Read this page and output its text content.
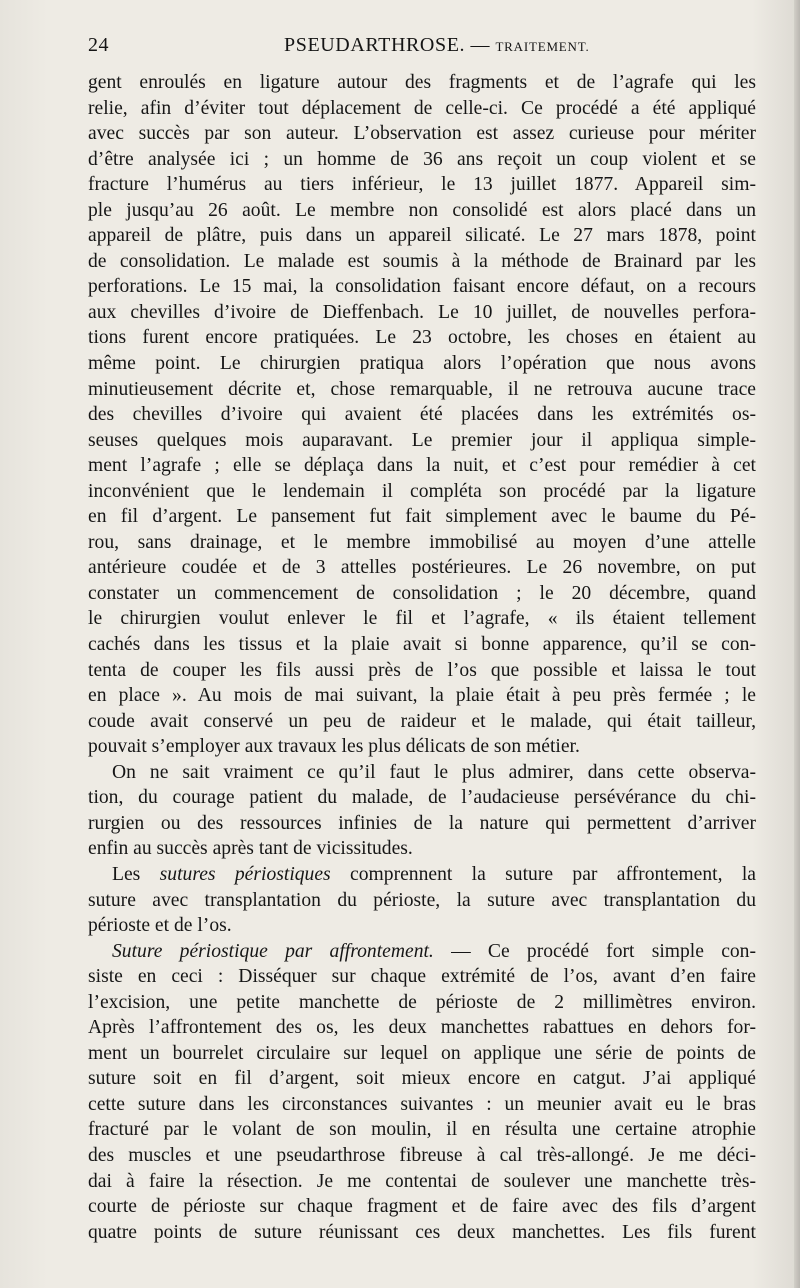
24	PSEUDARTHROSE. — TRAITEMENT.
gent enroulés en ligature autour des fragments et de l’agrafe qui les
relie, afin d’éviter tout déplacement de celle-ci. Ce procédé a été appliqué
avec succès par son auteur. L’observation est assez curieuse pour mériter
d’être analysée ici ; un homme de 36 ans reçoit un coup violent et se
fracture l’humérus au tiers inférieur, le 13 juillet 1877. Appareil sim-
ple jusqu’au 26 août. Le membre non consolidé est alors placé dans un
appareil de plâtre, puis dans un appareil silicaté. Le 27 mars 1878, point
de consolidation. Le malade est soumis à la méthode de Brainard par les
perforations. Le 15 mai, la consolidation faisant encore défaut, on a recours
aux chevilles d’ivoire de Dieffenbach. Le 10 juillet, de nouvelles perfora-
tions furent encore pratiquées. Le 23 octobre, les choses en étaient au
même point. Le chirurgien pratiqua alors l’opération que nous avons
minutieusement décrite et, chose remarquable, il ne retrouva aucune trace
des chevilles d’ivoire qui avaient été placées dans les extrémités os-
seuses quelques mois auparavant. Le premier jour il appliqua simple-
ment l’agrafe ; elle se déplaça dans la nuit, et c’est pour remédier à cet
inconvénient que le lendemain il compléta son procédé par la ligature
en fil d’argent. Le pansement fut fait simplement avec le baume du Pé-
rou, sans drainage, et le membre immobilisé au moyen d’une attelle
antérieure coudée et de 3 attelles postérieures. Le 26 novembre, on put
constater un commencement de consolidation ; le 20 décembre, quand
le chirurgien voulut enlever le fil et l’agrafe, « ils étaient tellement
cachés dans les tissus et la plaie avait si bonne apparence, qu’il se con-
tenta de couper les fils aussi près de l’os que possible et laissa le tout
en place ». Au mois de mai suivant, la plaie était à peu près fermée ; le
coude avait conservé un peu de raideur et le malade, qui était tailleur,
pouvait s’employer aux travaux les plus délicats de son métier.
On ne sait vraiment ce qu’il faut le plus admirer, dans cette observa-
tion, du courage patient du malade, de l’audacieuse persévérance du chi-
rurgien ou des ressources infinies de la nature qui permettent d’arriver
enfin au succès après tant de vicissitudes.
Les sutures périostiques comprennent la suture par affrontement, la
suture avec transplantation du périoste, la suture avec transplantation du
périoste et de l’os.
Suture périostique par affrontement. — Ce procédé fort simple con-
siste en ceci : Disséquer sur chaque extrémité de l’os, avant d’en faire
l’excision, une petite manchette de périoste de 2 millimètres environ.
Après l’affrontement des os, les deux manchettes rabattues en dehors for-
ment un bourrelet circulaire sur lequel on applique une série de points de
suture soit en fil d’argent, soit mieux encore en catgut. J’ai appliqué
cette suture dans les circonstances suivantes : un meunier avait eu le bras
fracturé par le volant de son moulin, il en résulta une certaine atrophie
des muscles et une pseudarthrose fibreuse à cal très-allongé. Je me déci-
dai à faire la résection. Je me contentai de soulever une manchette très-
courte de périoste sur chaque fragment et de faire avec des fils d’argent
quatre points de suture réunissant ces deux manchettes. Les fils furent
